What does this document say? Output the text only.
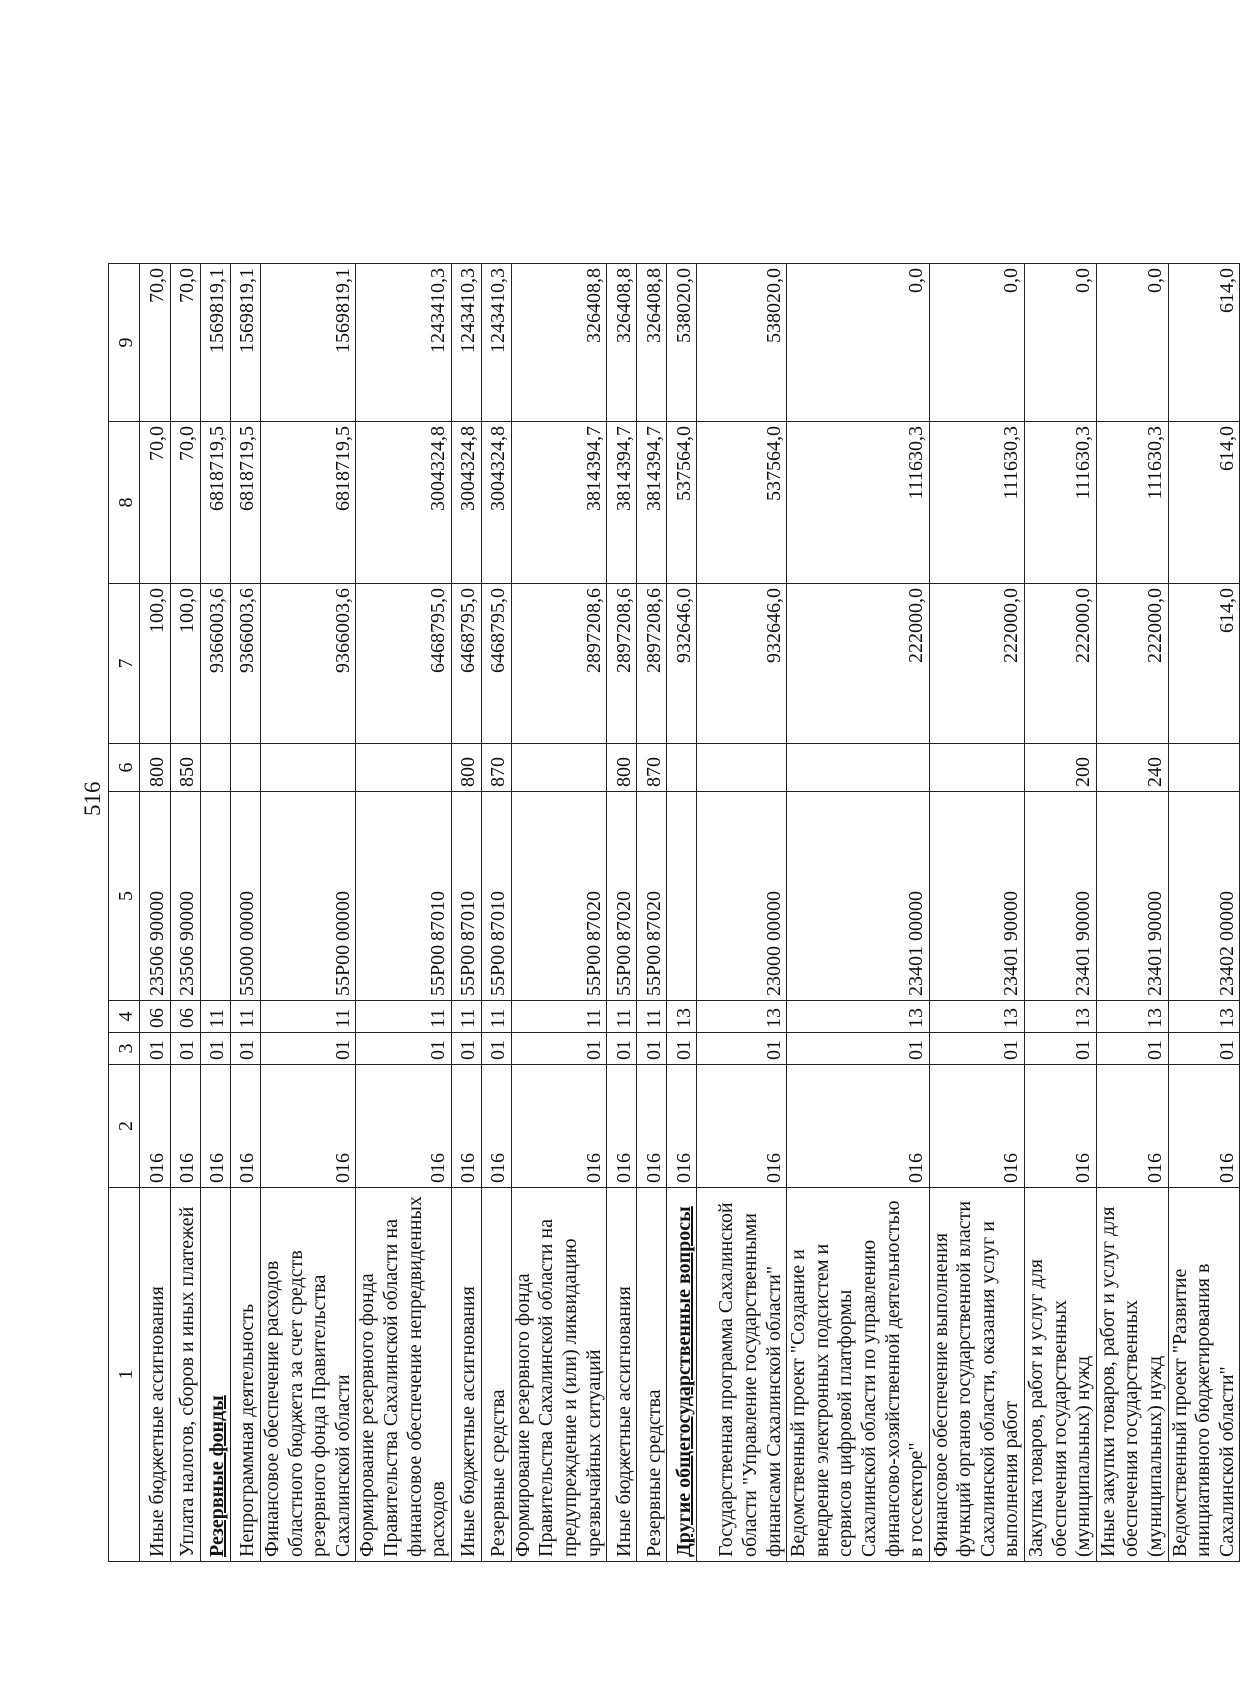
516
1	2	3	4	5	6	7	8	9
Иные бюджетные ассигнования	016	01	06	2350690000	800	100,0	70,0	70,0
Уплата налогов, сборов и иных платежей	016	01	06	2350690000	850	100,0	70,0	70,0
Резервные фонды	016	01	11			9366003,6	6818719,5	1569819,1
Непрограммная деятельность	016	01	11	5500000000		9366003,6	6818719,5	1569819,1
Финансовое обеспечение расходов областного бюджета за счет средств резервного фонда Правительства Сахалинской области	016	01	11	55P0000000		9366003,6	6818719,5	1569819,1
Формирование резервного фонда Правительства Сахалинской области на финансовое обеспечение непредвиденных расходов	016	01	11	55P0087010		6468795,0	3004324,8	1243410,3
Иные бюджетные ассигнования	016	01	11	55P0087010	800	6468795,0	3004324,8	1243410,3
Резервные средства	016	01	11	55P0087010	870	6468795,0	3004324,8	1243410,3
Формирование резервного фонда Правительства Сахалинской области на предупреждение и (или) ликвидацию чрезвычайных ситуаций	016	01	11	55P0087020		2897208,6	3814394,7	326408,8
Иные бюджетные ассигнования	016	01	11	55P0087020	800	2897208,6	3814394,7	326408,8
Резервные средства	016	01	11	55P0087020	870	2897208,6	3814394,7	326408,8
Другие общегосударственные вопросы	016	01	13			932646,0	537564,0	538020,0
Государственная программа Сахалинской области "Управление государственными финансами Сахалинской области"	016	01	13	2300000000		932646,0	537564,0	538020,0
Ведомственный проект "Создание и внедрение электронных подсистем и сервисов цифровой платформы Сахалинской области по управлению финансово-хозяйственной деятельностью в госсекторе"	016	01	13	2340100000		222000,0	111630,3	0,0
Финансовое обеспечение выполнения функций органов государственной власти Сахалинской области, оказания услуг и выполнения работ	016	01	13	2340190000		222000,0	111630,3	0,0
Закупка товаров, работ и услуг для обеспечения государственных (муниципальных) нужд	016	01	13	2340190000	200	222000,0	111630,3	0,0
Иные закупки товаров, работ и услуг для обеспечения государственных (муниципальных) нужд	016	01	13	2340190000	240	222000,0	111630,3	0,0
Ведомственный проект "Развитие инициативного бюджетирования в Сахалинской области"	016	01	13	2340200000		614,0	614,0	614,0
